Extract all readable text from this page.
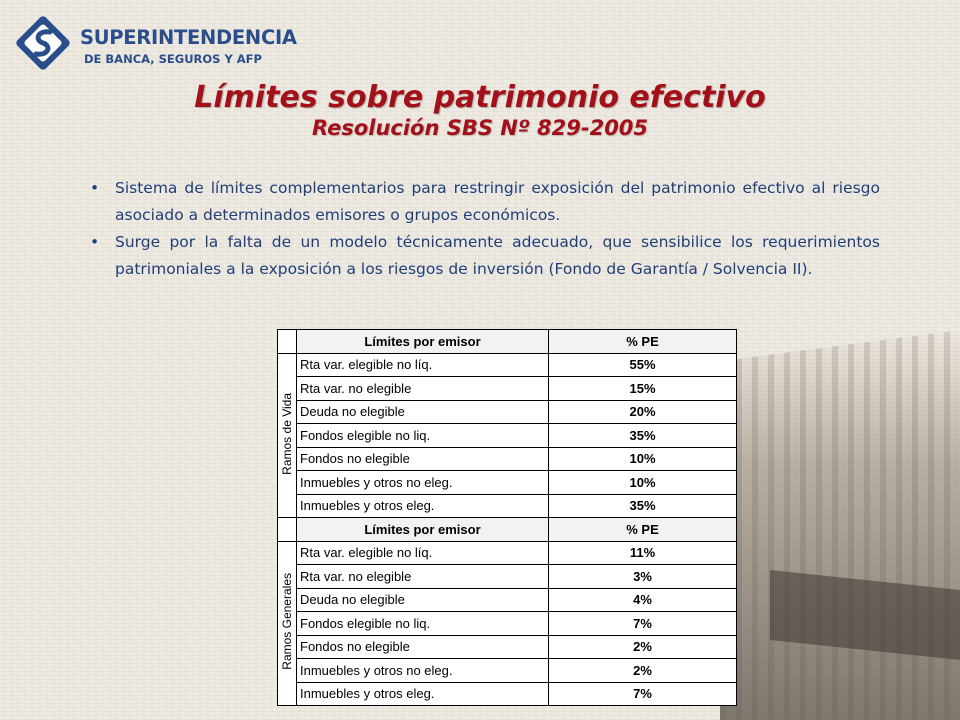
SUPERINTENDENCIA
DE BANCA, SEGUROS Y AFP
Límites sobre patrimonio efectivo
Resolución SBS Nº 829-2005
• Sistema de límites complementarios para restringir exposición del patrimonio efectivo al riesgo asociado a determinados emisores o grupos económicos.
• Surge por la falta de un modelo técnicamente adecuado, que sensibilice los requerimientos patrimoniales a la exposición a los riesgos de inversión (Fondo de Garantía / Solvencia II).
	Límites por emisor	% PE
Ramos de Vida	Rta var. elegible no líq.	55%
	Rta var. no elegible	15%
	Deuda no elegible	20%
	Fondos elegible no liq.	35%
	Fondos no elegible	10%
	Inmuebles y otros no eleg.	10%
	Inmuebles y otros eleg.	35%
	Límites por emisor	% PE
Ramos Generales	Rta var. elegible no líq.	11%
	Rta var. no elegible	3%
	Deuda no elegible	4%
	Fondos elegible no liq.	7%
	Fondos no elegible	2%
	Inmuebles y otros no eleg.	2%
	Inmuebles y otros eleg.	7%
